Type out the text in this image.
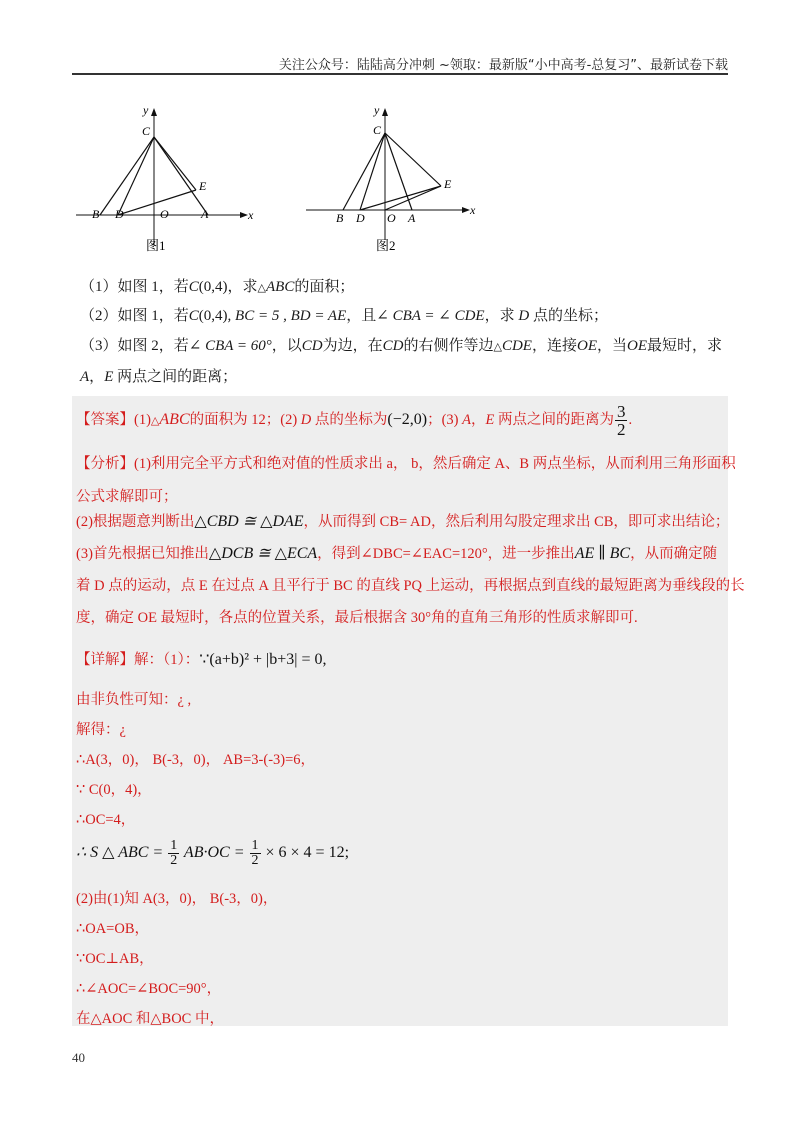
关注公众号：陆陆高分冲刺 ~领取：最新版“小中高考-总复习”、最新试卷下载
y
x
C
E
B D	O	A
图1
y
x
C
E
B D O A
图2
（1）如图 1，若C(0,4)，求△ABC的面积；
（2）如图 1，若C(0,4), BC = 5 , BD = AE，且∠ CBA = ∠ CDE，求 D 点的坐标；
（3）如图 2，若∠ CBA = 60°，以CD为边，在CD的右侧作等边△CDE，连接OE，当OE最短时，求
A，E 两点之间的距离；
【答案】(1)△ABC的面积为 12；(2) D 点的坐标为(−2,0)；(3) A，E 两点之间的距离为 $\frac{3}{2}$ .
【分析】(1)利用完全平方式和绝对值的性质求出 a， b，然后确定 A、B 两点坐标，从而利用三角形面积
公式求解即可；
(2)根据题意判断出△CBD ≅ △DAE，从而得到 CB= AD，然后利用勾股定理求出 CB，即可求出结论；
(3)首先根据已知推出△DCB ≅ △ECA，得到∠DBC=∠EAC=120°，进一步推出AE ∥ BC，从而确定随
着 D 点的运动，点 E 在过点 A 且平行于 BC 的直线 PQ 上运动，再根据点到直线的最短距离为垂线段的长
度，确定 OE 最短时，各点的位置关系，最后根据含 30°角的直角三角形的性质求解即可.
【详解】解：（1）：∵(a+b)² + |b+3| = 0,
由非负性可知：¿ ,
解得：¿
∴A(3，0)， B(-3，0)， AB=3-(-3)=6，
∵ C(0，4)，
∴OC=4，
∴ S △ ABC = $\frac{1}{2} AB\cdot OC = \frac{1}{2} \times 6 \times 4 = 12$;
(2)由(1)知 A(3，0)， B(-3，0)，
∴OA=OB，
∵OC⊥AB，
∴∠AOC=∠BOC=90°，
在△AOC 和△BOC 中，
40
